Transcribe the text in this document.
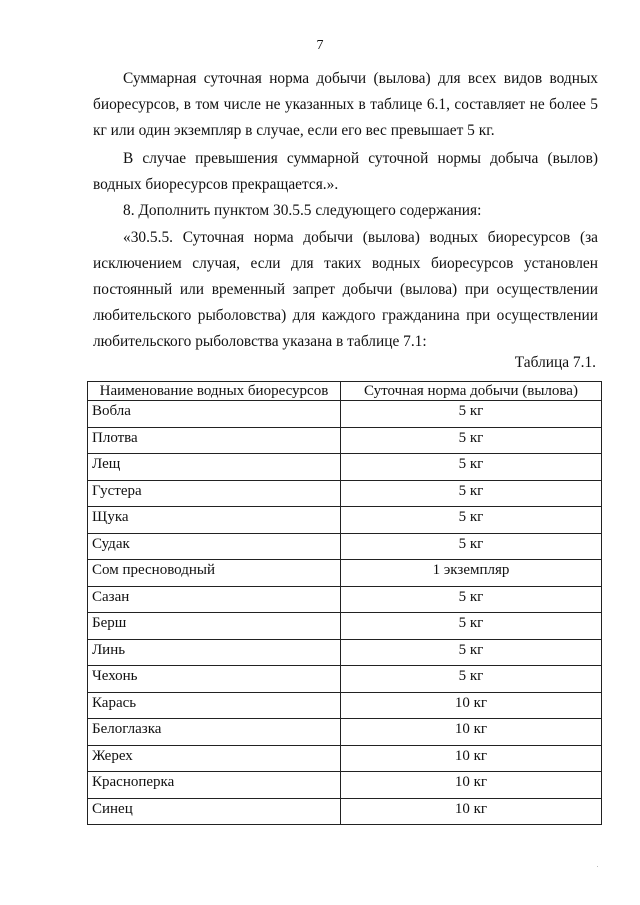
7

Суммарная суточная норма добычи (вылова) для всех видов водных биоресурсов, в том числе не указанных в таблице 6.1, составляет не более 5 кг или один экземпляр в случае, если его вес превышает 5 кг.

В случае превышения суммарной суточной нормы добыча (вылов) водных биоресурсов прекращается.».

8. Дополнить пунктом 30.5.5 следующего содержания:

«30.5.5. Суточная норма добычи (вылова) водных биоресурсов (за исключением случая, если для таких водных биоресурсов установлен постоянный или временный запрет добычи (вылова) при осуществлении любительского рыболовства) для каждого гражданина при осуществлении любительского рыболовства указана в таблице 7.1:

Таблица 7.1.
Наименование водных биоресурсов	Суточная норма добычи (вылова)
Вобла	5 кг
Плотва	5 кг
Лещ	5 кг
Густера	5 кг
Щука	5 кг
Судак	5 кг
Сом пресноводный	1 экземпляр
Сазан	5 кг
Берш	5 кг
Линь	5 кг
Чехонь	5 кг
Карась	10 кг
Белоглазка	10 кг
Жерех	10 кг
Красноперка	10 кг
Синец	10 кг
